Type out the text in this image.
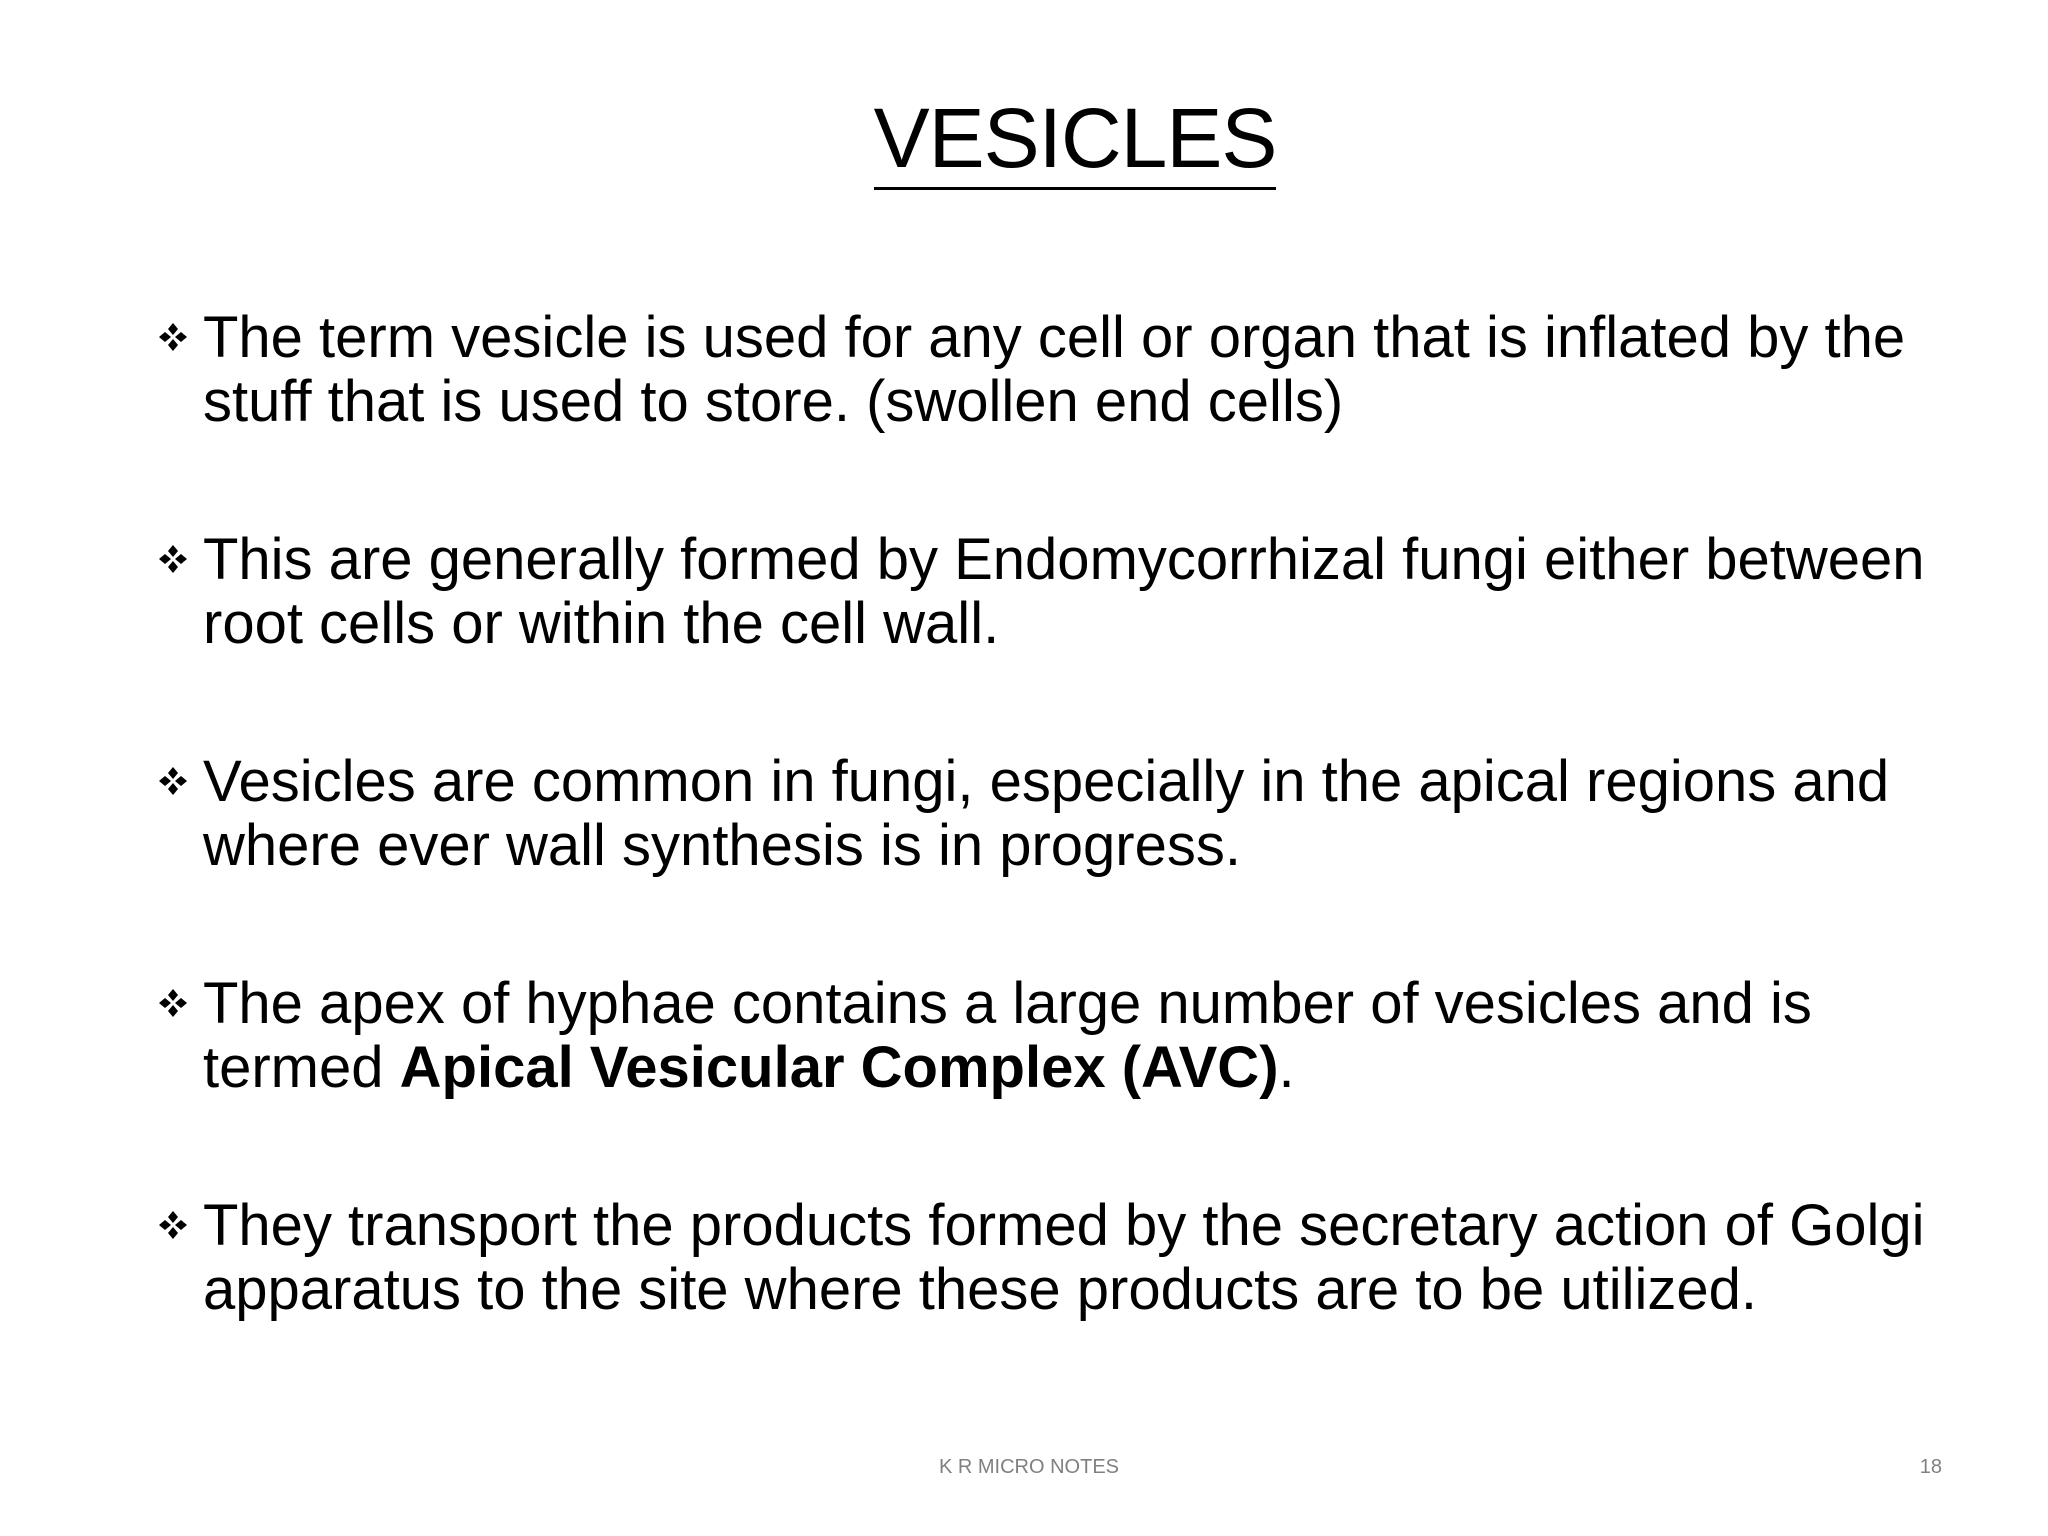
VESICLES
The term vesicle is used for any cell or organ that is inflated by the stuff that is used to store. (swollen end cells)
This are generally formed by Endomycorrhizal fungi either between root cells or within the cell wall.
Vesicles are common in fungi, especially in the apical regions and where ever wall synthesis is in progress.
The apex of hyphae contains a large number of vesicles and is termed Apical Vesicular Complex (AVC).
They transport the products formed by the secretary action of Golgi apparatus to the site where these products are to be utilized.
K R MICRO NOTES	18
